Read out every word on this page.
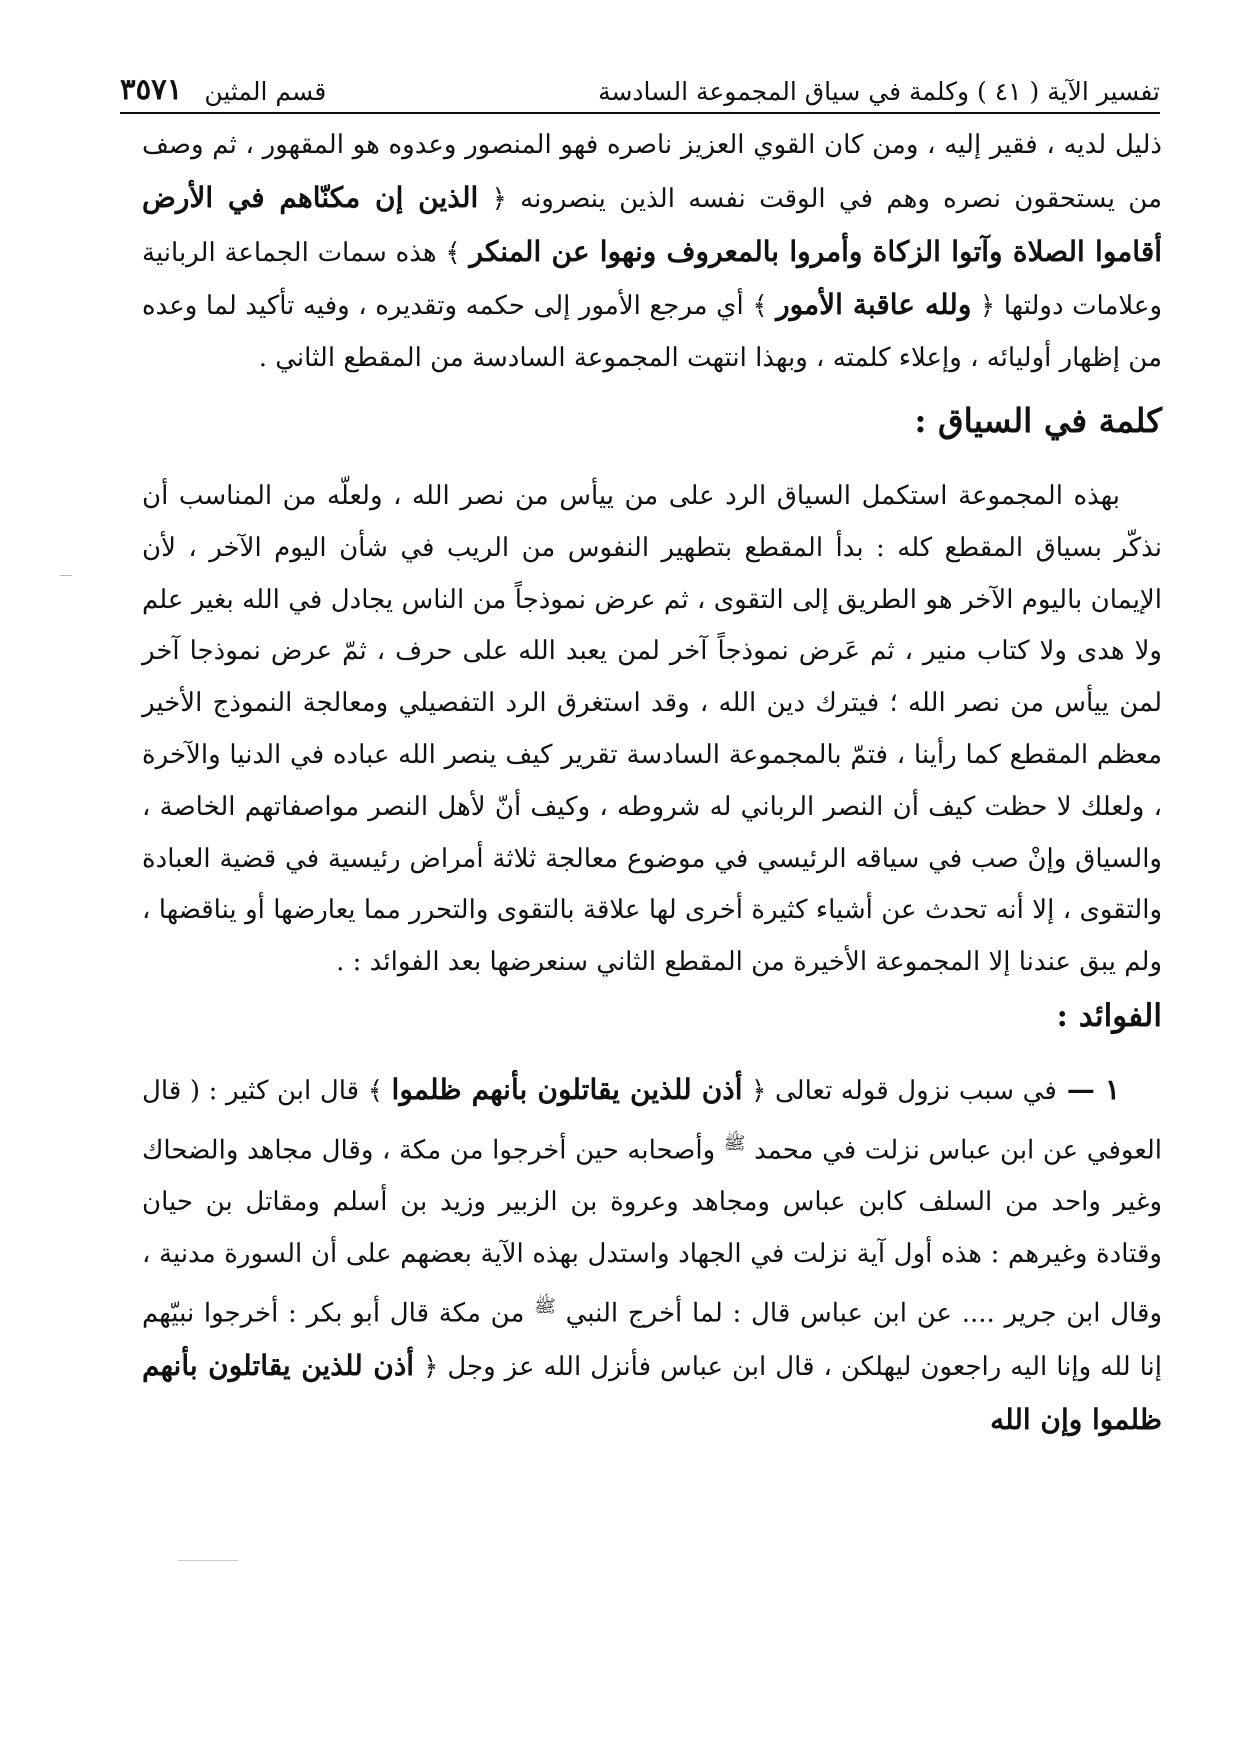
تفسير الآية ( ٤١ ) وكلمة في سياق المجموعة السادسة
قسم المثين
٣٥٧١

ذليل لديه ، فقير إليه ، ومن كان القوي العزيز ناصره فهو المنصور وعدوه هو المقهور ، ثم وصف من يستحقون نصره وهم في الوقت نفسه الذين ينصرونه ﴿ الذين إن مكنّاهم في الأرض أقاموا الصلاة وآتوا الزكاة وأمروا بالمعروف ونهوا عن المنكر ﴾ هذه سمات الجماعة الربانية وعلامات دولتها ﴿ ولله عاقبة الأمور ﴾ أي مرجع الأمور إلى حكمه وتقديره ، وفيه تأكيد لما وعده من إظهار أوليائه ، وإعلاء كلمته ، وبهذا انتهت المجموعة السادسة من المقطع الثاني .

كلمة في السياق :

بهذه المجموعة استكمل السياق الرد على من ييأس من نصر الله ، ولعلّه من المناسب أن نذكّر بسياق المقطع كله : بدأ المقطع بتطهير النفوس من الريب في شأن اليوم الآخر ، لأن الإيمان باليوم الآخر هو الطريق إلى التقوى ، ثم عرض نموذجاً من الناس يجادل في الله بغير علم ولا هدى ولا كتاب منير ، ثم عَرض نموذجاً آخر لمن يعبد الله على حرف ، ثمّ عرض نموذجا آخر لمن ييأس من نصر الله ؛ فيترك دين الله ، وقد استغرق الرد التفصيلي ومعالجة النموذج الأخير معظم المقطع كما رأينا ، فتمّ بالمجموعة السادسة تقرير كيف ينصر الله عباده في الدنيا والآخرة ، ولعلك لا حظت كيف أن النصر الرباني له شروطه ، وكيف أنّ لأهل النصر مواصفاتهم الخاصة ، والسياق وإنْ صب في سياقه الرئيسي في موضوع معالجة ثلاثة أمراض رئيسية في قضية العبادة والتقوى ، إلا أنه تحدث عن أشياء كثيرة أخرى لها علاقة بالتقوى والتحرر مما يعارضها أو يناقضها ، ولم يبق عندنا إلا المجموعة الأخيرة من المقطع الثاني سنعرضها بعد الفوائد : .

الفوائد :

١ — في سبب نزول قوله تعالى ﴿ أذن للذين يقاتلون بأنهم ظلموا ﴾ قال ابن كثير : ( قال العوفي عن ابن عباس نزلت في محمد $^ﷺ$ وأصحابه حين أخرجوا من مكة ، وقال مجاهد والضحاك وغير واحد من السلف كابن عباس ومجاهد وعروة بن الزبير وزيد بن أسلم ومقاتل بن حيان وقتادة وغيرهم : هذه أول آية نزلت في الجهاد واستدل بهذه الآية بعضهم على أن السورة مدنية ، وقال ابن جرير .... عن ابن عباس قال : لما أخرج النبي $^ﷺ$ من مكة قال أبو بكر : أخرجوا نبيّهم إنا لله وإنا اليه راجعون ليهلكن ، قال ابن عباس فأنزل الله عز وجل ﴿ أذن للذين يقاتلون بأنهم ظلموا وإن الله
